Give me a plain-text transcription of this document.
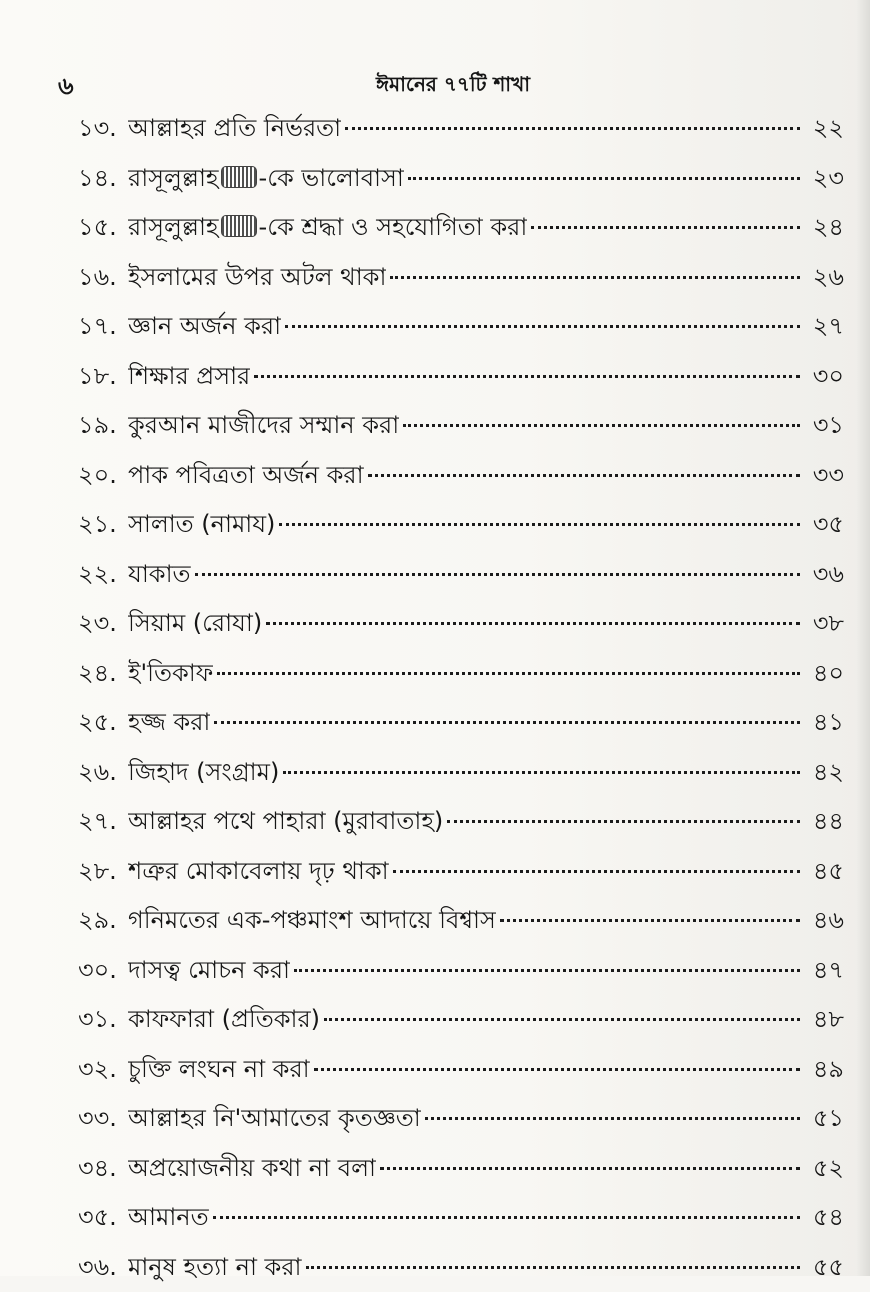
৬	ঈমানের ৭৭টি শাখা
১৩. আল্লাহর প্রতি নির্ভরতা	২২
১৪. রাসূলুল্লাহ -কে ভালোবাসা	২৩
১৫. রাসূলুল্লাহ -কে শ্রদ্ধা ও সহযোগিতা করা	২৪
১৬. ইসলামের উপর অটল থাকা	২৬
১৭. জ্ঞান অর্জন করা	২৭
১৮. শিক্ষার প্রসার	৩০
১৯. কুরআন মাজীদের সম্মান করা	৩১
২০. পাক পবিত্রতা অর্জন করা	৩৩
২১. সালাত (নামায)	৩৫
২২. যাকাত	৩৬
২৩. সিয়াম (রোযা)	৩৮
২৪. ই'তিকাফ	৪০
২৫. হজ্জ করা	৪১
২৬. জিহাদ (সংগ্রাম)	৪২
২৭. আল্লাহর পথে পাহারা (মুরাবাতাহ)	৪৪
২৮. শত্রুর মোকাবেলায় দৃঢ় থাকা	৪৫
২৯. গনিমতের এক-পঞ্চমাংশ আদায়ে বিশ্বাস	৪৬
৩০. দাসত্ব মোচন করা	৪৭
৩১. কাফফারা (প্রতিকার)	৪৮
৩২. চুক্তি লংঘন না করা	৪৯
৩৩. আল্লাহর নি'আমাতের কৃতজ্ঞতা	৫১
৩৪. অপ্রয়োজনীয় কথা না বলা	৫২
৩৫. আমানত	৫৪
৩৬. মানুষ হত্যা না করা	৫৫
